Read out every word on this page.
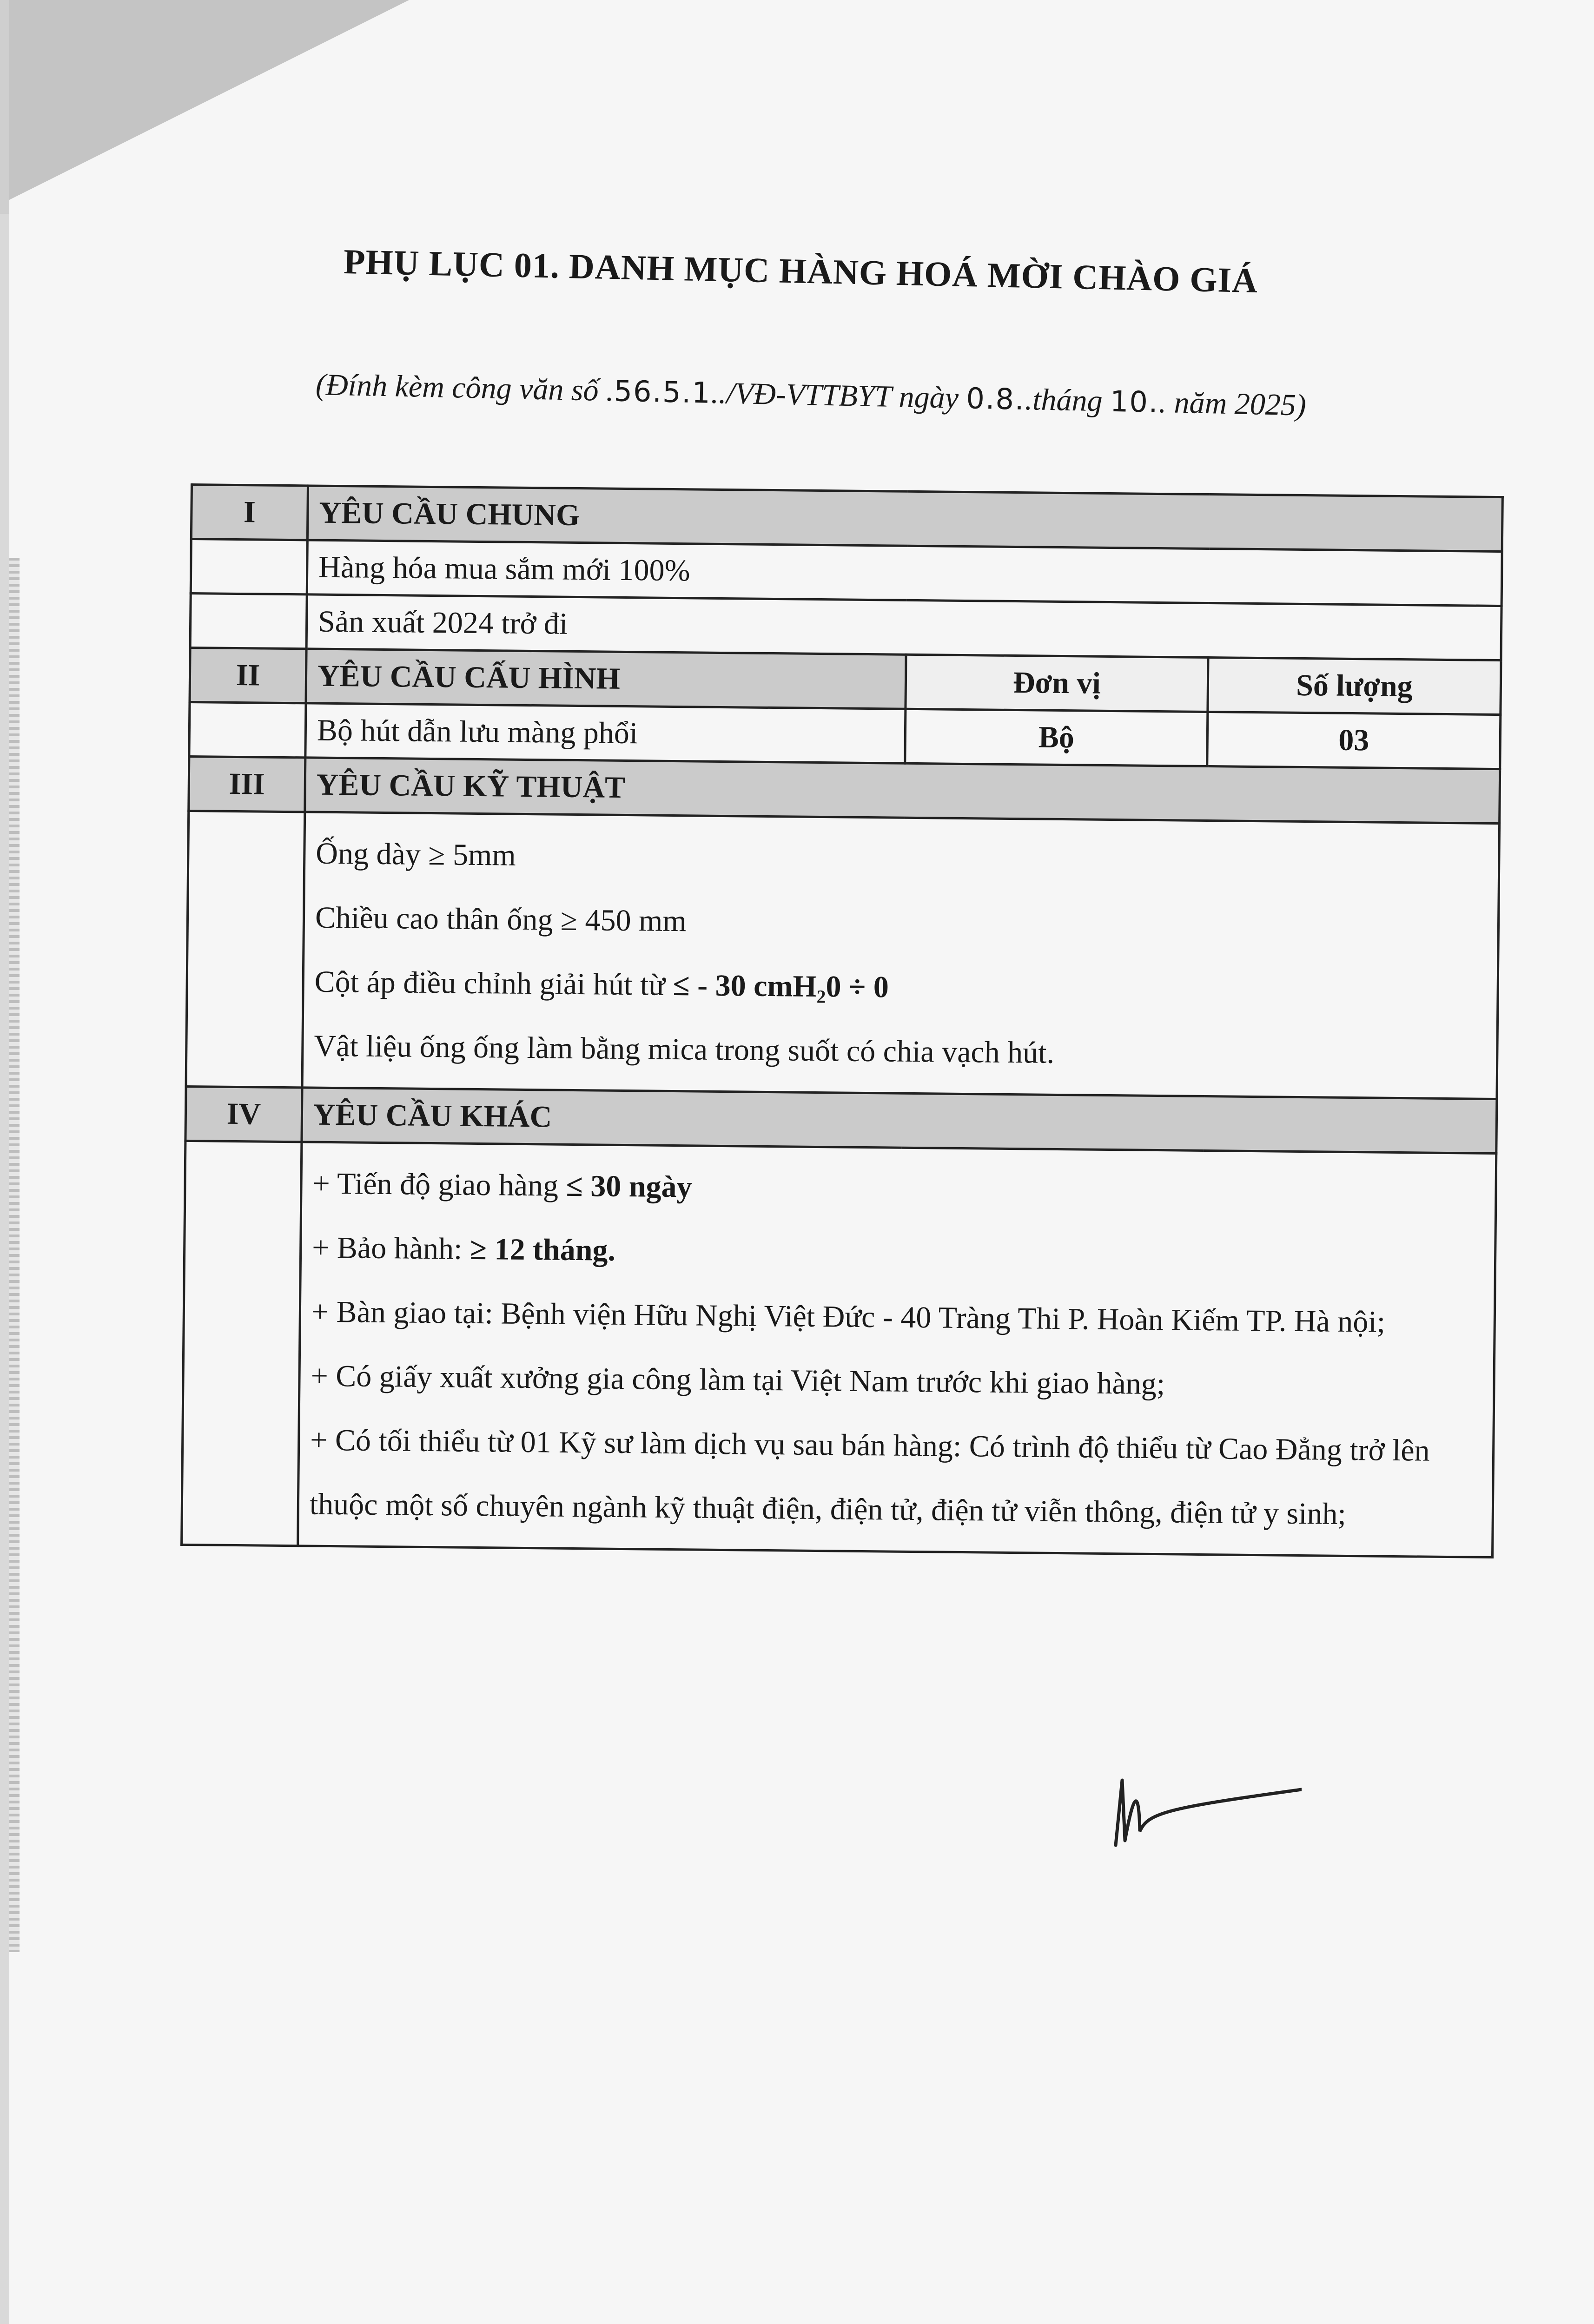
PHỤ LỤC 01. DANH MỤC HÀNG HOÁ MỜI CHÀO GIÁ
(Đính kèm công văn số .56.5.1../VĐ-VTTBYT ngày 0.8..tháng 10.. năm 2025)
I	YÊU CẦU CHUNG		
	Hàng hóa mua sắm mới 100%		
	Sản xuất 2024 trở đi		
II	YÊU CẦU CẤU HÌNH	Đơn vị	Số lượng
	Bộ hút dẫn lưu màng phổi	Bộ	03
III	YÊU CẦU KỸ THUẬT		

	Ống dày ≥ 5mm
Chiều cao thân ống ≥ 450 mm
Cột áp điều chỉnh giải hút từ ≤ - 30 cmH₂0 ÷ 0
Vật liệu ống ống làm bằng mica trong suốt có chia vạch hút.		

IV	YÊU CẦU KHÁC		

	+ Tiến độ giao hàng ≤ 30 ngày
+ Bảo hành: ≥ 12 tháng.
+ Bàn giao tại: Bệnh viện Hữu Nghị Việt Đức - 40 Tràng Thi P. Hoàn Kiếm TP. Hà nội;
+ Có giấy xuất xưởng gia công làm tại Việt Nam trước khi giao hàng;
+ Có tối thiểu từ 01 Kỹ sư làm dịch vụ sau bán hàng: Có trình độ thiểu từ Cao Đẳng trở lên thuộc một số chuyên ngành kỹ thuật điện, điện tử, điện tử viễn thông, điện tử y sinh;		
